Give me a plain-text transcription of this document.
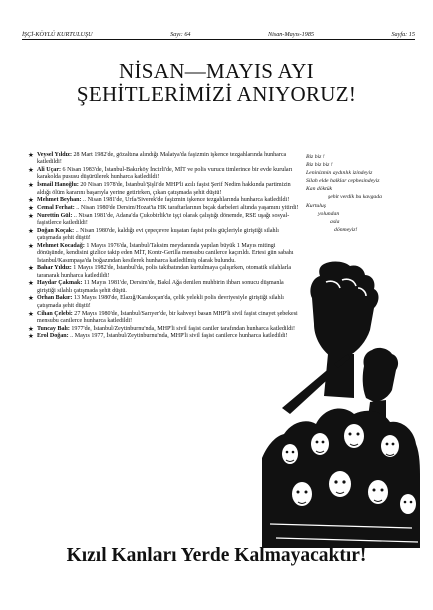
İŞÇİ-KÖYLÜ KURTULUŞU	Sayı: 64	Nisan-Mayıs-1985	Sayfa: 15
NİSAN—MAYIS AYI
ŞEHİTLERİMİZİ ANIYORUZ!
★ Veysel Yıldız: 28 Mart 1982'de, gözaltına alındığı Malatya'da faşizmin işkence tezgahlarında hunharca katledildi!
★ Ali Uçar: 6 Nisan 1983'de, İstanbul-Bakırköy İncirli'de, MİT ve polis vurucu timlerince bir evde kuruları karakolda pususu düşürülerek hunharca katledildi!
★ İsmail Hanoğlu: 20 Nisan 1978'de, İstanbul/Şişli'de MHP'li azılı faşist Şerif Nedim hakkında partimizin aldığı ölüm kararını başarıyla yerine getirirken, çıkan çatışmada şehit düştü!
★ Mehmet Beyhan: .. Nisan 1981'de, Urfa/Siverek'de faşizmin işkence tezgahlarında hunharca katledildi!
★ Cemal Ferhat: .. Nisan 1980'de Dersim/Hozat'ta HK taraftarlarının bıçak darbeleri altında yaşamını yitirdi!
★ Nurettin Gül: .. Nisan 1981'de, Adana'da Çukobirlik'te işçi olarak çalıştığı dönemde, RSE uşağı sosyal-faşistlerce katledildi!
★ Doğan Koçak: .. Nisan 1980'de, kaldığı evi çepeçevre kuşatan faşist polis güçleriyle giriştiği silahlı çatışmada şehit düştü!
★ Mehmet Kocadağ: 1 Mayıs 1976'da, İstanbul/Taksim meydanında yapılan büyük 1 Mayıs mitingi dönüşünde, kendisini gizlice takip eden MİT, Kontr-Gerilla mensubu canilerce kaçırıldı. Ertesi gün sabahı İstanbul/Kasımpaşa'da boğazından kesilerek hunharca katledilmiş olarak bulundu.
★ Bahar Yıldız: 1 Mayıs 1982'de, İstanbul'da, polis takibatından kurtulmaya çalışırken, otomatik silahlarla taranarak hunharca katledildi!
★ Haydar Çakmak: 11 Mayıs 1981'de, Dersim'de, Bakıl Ağa denilen muhbirin ihbarı sonucu düşmanla giriştiği silahlı çatışmada şehit düştü.
★ Orhan Bakır: 13 Mayıs 1980'de, Elazığ/Karakoçan'da, çelik yelekli polis devriyesiyle giriştiği silahlı çatışmada şehit düştü!
★ Cihan Çelebi: 27 Mayıs 1980'de, İstanbul/Sarıyer'de, bir kahveyi basan MHP'li sivil faşist cinayet şebekesi mensubu canilerce hunharca katledildi!
★ Tuncay Balı: 1977'de, İstanbul/Zeytinburnu'nda, MHP'li sivil faşist caniler tarafından hunharca katledildi!
★ Erol Doğan: .. Mayıs 1977, İstanbul/Zeytinburnu'nda, MHP'li sivil faşist canilerce hunharca katledildi!
Biz biz !
Biz biz biz !
Leninizmin aydınlık izindeyiz
Silah elde halklar cephesindeyiz
Kan döktük
şehit verdik bu kavgada
Kurtuluş
yolundan
asla
dönmeyiz!
Kızıl Kanları Yerde Kalmayacaktır!
